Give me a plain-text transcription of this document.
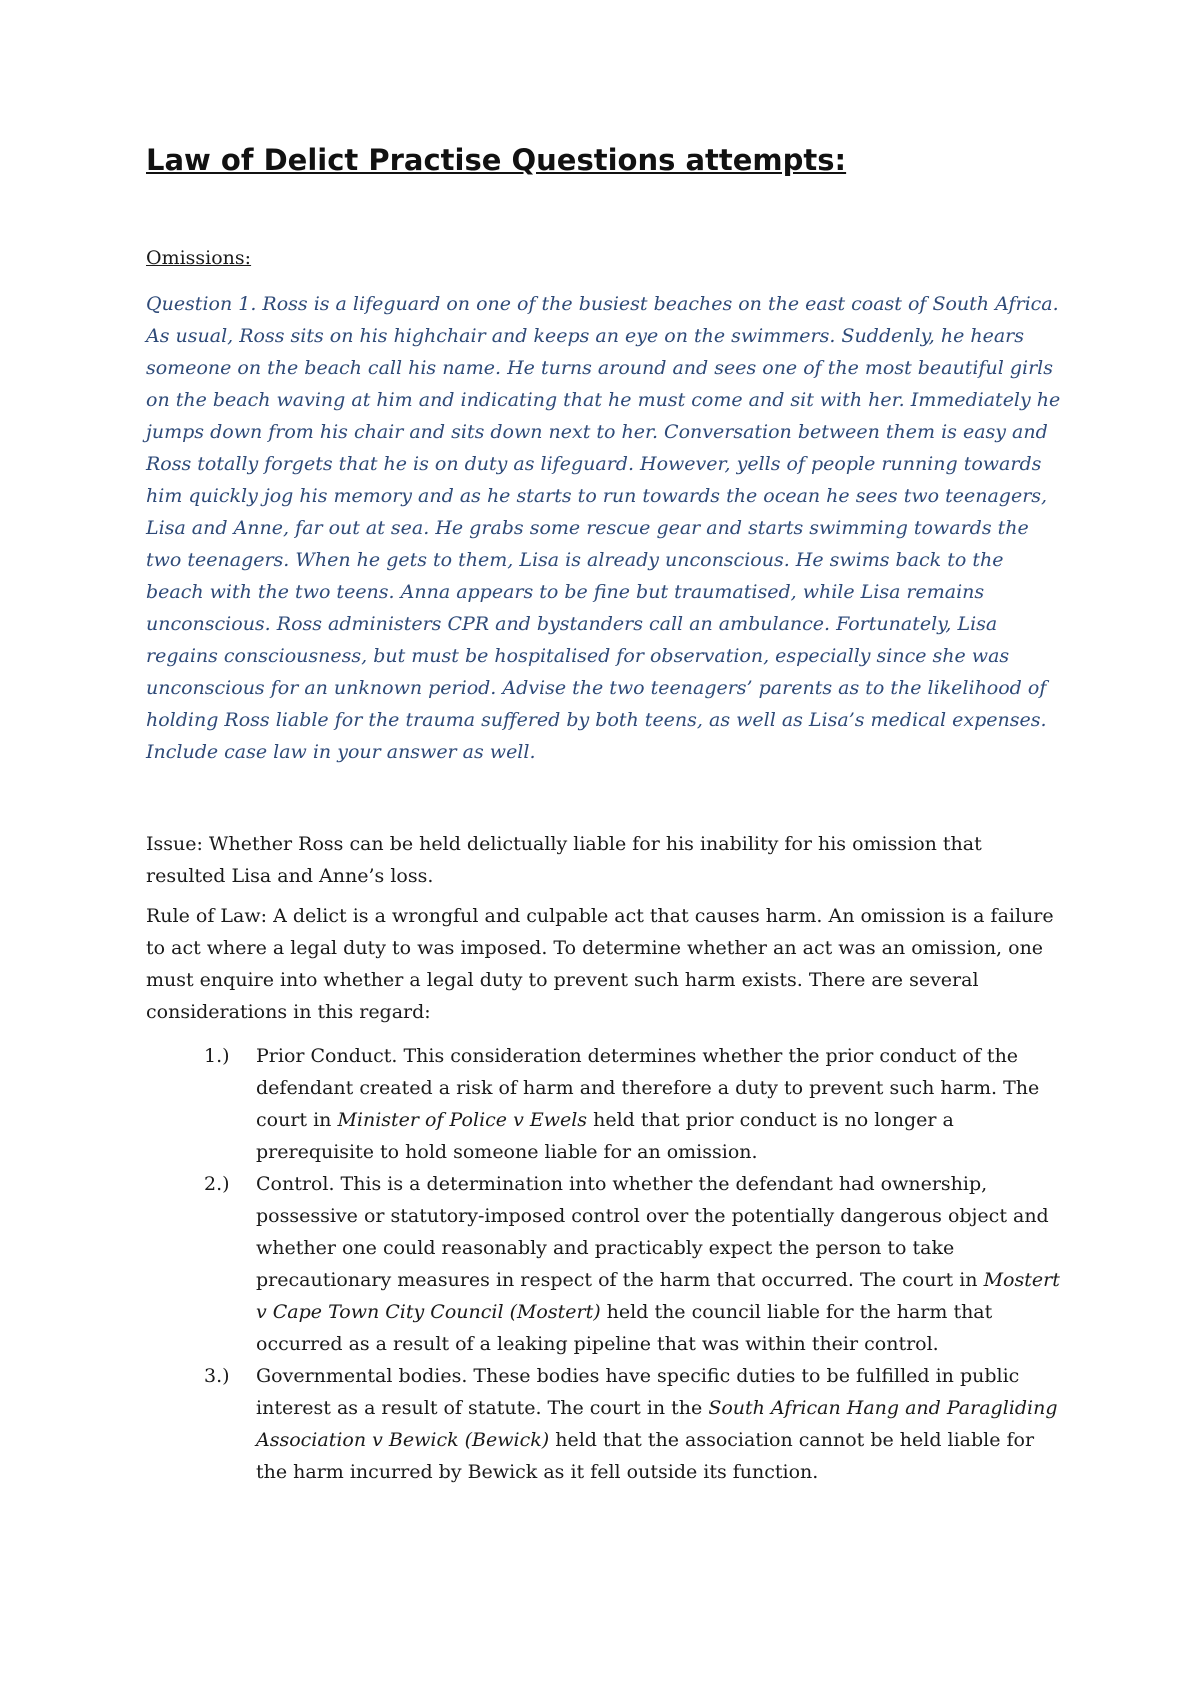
Law of Delict Practise Questions attempts:

Omissions:

Question 1. Ross is a lifeguard on one of the busiest beaches on the east coast of South Africa. As usual, Ross sits on his highchair and keeps an eye on the swimmers. Suddenly, he hears someone on the beach call his name. He turns around and sees one of the most beautiful girls on the beach waving at him and indicating that he must come and sit with her. Immediately he jumps down from his chair and sits down next to her. Conversation between them is easy and Ross totally forgets that he is on duty as lifeguard. However, yells of people running towards him quickly jog his memory and as he starts to run towards the ocean he sees two teenagers, Lisa and Anne, far out at sea. He grabs some rescue gear and starts swimming towards the two teenagers. When he gets to them, Lisa is already unconscious. He swims back to the beach with the two teens. Anna appears to be fine but traumatised, while Lisa remains unconscious. Ross administers CPR and bystanders call an ambulance. Fortunately, Lisa regains consciousness, but must be hospitalised for observation, especially since she was unconscious for an unknown period. Advise the two teenagers’ parents as to the likelihood of holding Ross liable for the trauma suffered by both teens, as well as Lisa’s medical expenses. Include case law in your answer as well.

Issue: Whether Ross can be held delictually liable for his inability for his omission that resulted Lisa and Anne’s loss.

Rule of Law: A delict is a wrongful and culpable act that causes harm. An omission is a failure to act where a legal duty to was imposed. To determine whether an act was an omission, one must enquire into whether a legal duty to prevent such harm exists. There are several considerations in this regard:

1.)	Prior Conduct. This consideration determines whether the prior conduct of the defendant created a risk of harm and therefore a duty to prevent such harm. The court in Minister of Police v Ewels held that prior conduct is no longer a prerequisite to hold someone liable for an omission.
2.)	Control. This is a determination into whether the defendant had ownership, possessive or statutory-imposed control over the potentially dangerous object and whether one could reasonably and practicably expect the person to take precautionary measures in respect of the harm that occurred. The court in Mostert v Cape Town City Council (Mostert) held the council liable for the harm that occurred as a result of a leaking pipeline that was within their control.
3.)	Governmental bodies. These bodies have specific duties to be fulfilled in public interest as a result of statute. The court in the South African Hang and Paragliding Association v Bewick (Bewick) held that the association cannot be held liable for the harm incurred by Bewick as it fell outside its function.
